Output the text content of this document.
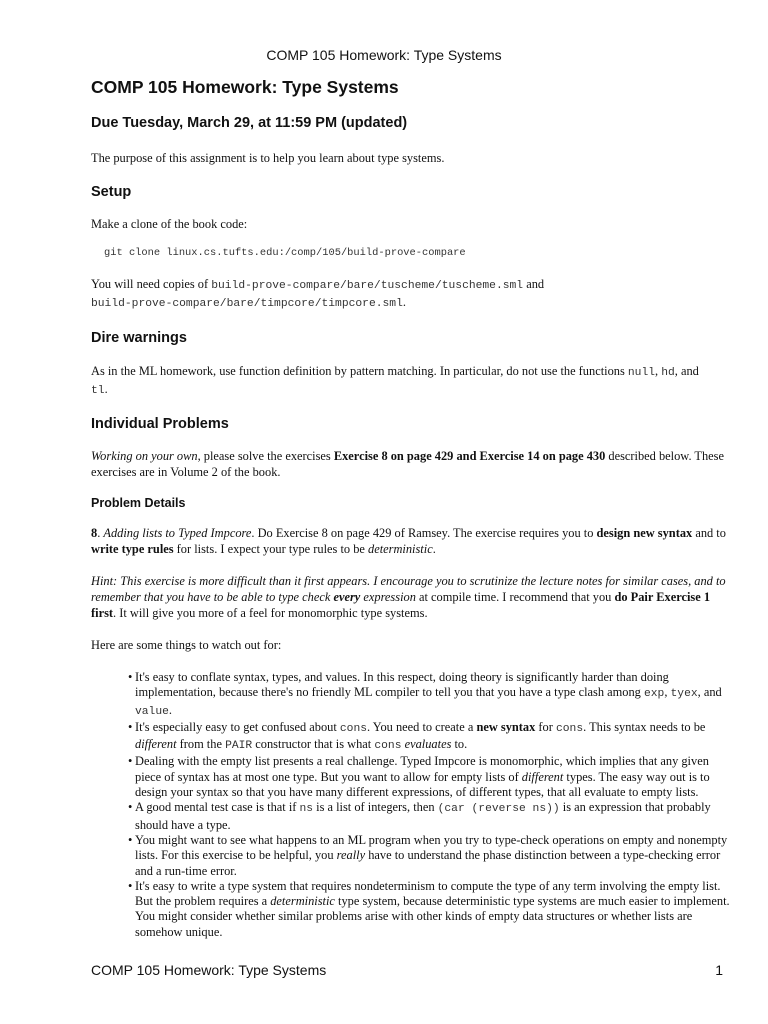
COMP 105 Homework: Type Systems
COMP 105 Homework: Type Systems
Due Tuesday, March 29, at 11:59 PM (updated)

The purpose of this assignment is to help you learn about type systems.

Setup

Make a clone of the book code:

git clone linux.cs.tufts.edu:/comp/105/build-prove-compare

You will need copies of build-prove-compare/bare/tuscheme/tuscheme.sml and
build-prove-compare/bare/timpcore/timpcore.sml.

Dire warnings

As in the ML homework, use function definition by pattern matching. In particular, do not use the functions null, hd, and
tl.

Individual Problems

Working on your own, please solve the exercises Exercise 8 on page 429 and Exercise 14 on page 430 described below. These exercises are in Volume 2 of the book.

Problem Details

8. Adding lists to Typed Impcore. Do Exercise 8 on page 429 of Ramsey. The exercise requires you to design new syntax and to write type rules for lists. I expect your type rules to be deterministic.

Hint: This exercise is more difficult than it first appears. I encourage you to scrutinize the lecture notes for similar cases, and to remember that you have to be able to type check every expression at compile time. I recommend that you do Pair Exercise 1 first. It will give you more of a feel for monomorphic type systems.

Here are some things to watch out for:

• It's easy to conflate syntax, types, and values. In this respect, doing theory is significantly harder than doing implementation, because there's no friendly ML compiler to tell you that you have a type clash among exp, tyex, and value.
• It's especially easy to get confused about cons. You need to create a new syntax for cons. This syntax needs to be different from the PAIR constructor that is what cons evaluates to.
• Dealing with the empty list presents a real challenge. Typed Impcore is monomorphic, which implies that any given piece of syntax has at most one type. But you want to allow for empty lists of different types. The easy way out is to design your syntax so that you have many different expressions, of different types, that all evaluate to empty lists.
• A good mental test case is that if ns is a list of integers, then (car (reverse ns)) is an expression that probably should have a type.
• You might want to see what happens to an ML program when you try to type-check operations on empty and nonempty lists. For this exercise to be helpful, you really have to understand the phase distinction between a type-checking error and a run-time error.
• It's easy to write a type system that requires nondeterminism to compute the type of any term involving the empty list. But the problem requires a deterministic type system, because deterministic type systems are much easier to implement. You might consider whether similar problems arise with other kinds of empty data structures or whether lists are somehow unique.
COMP 105 Homework: Type Systems	1
